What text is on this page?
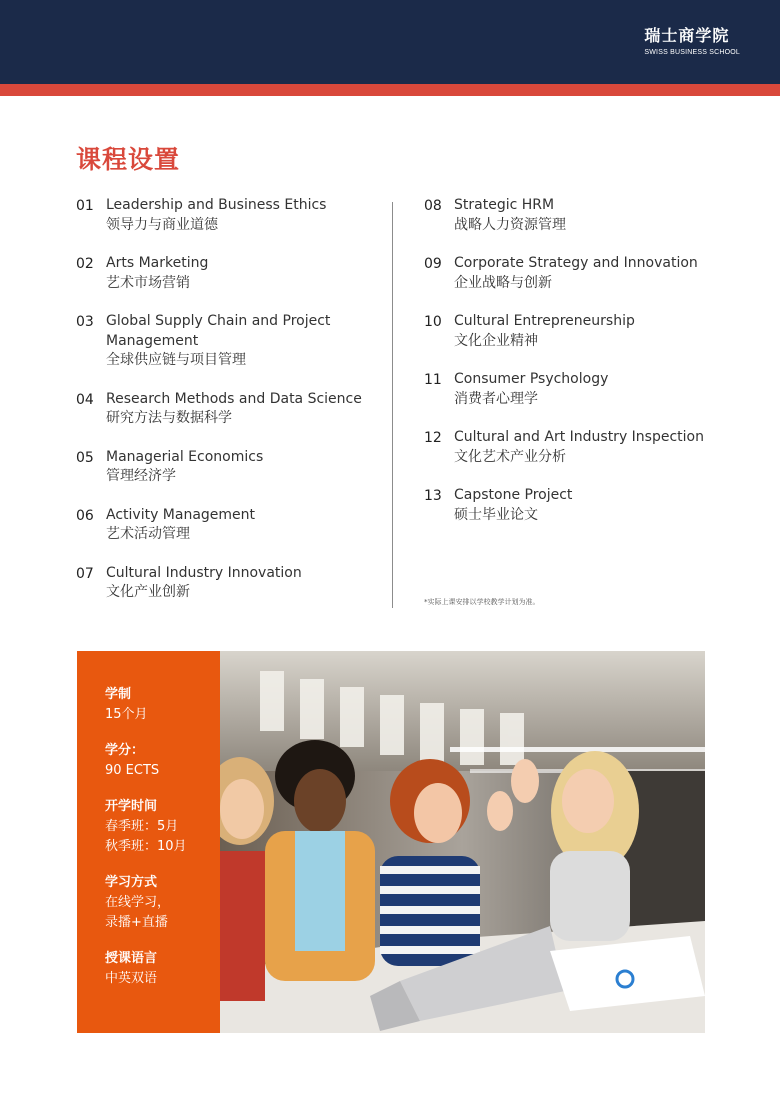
瑞士商学院
SWISS BUSINESS SCHOOL
课程设置
01 Leadership and Business Ethics
领导力与商业道德
02 Arts Marketing
艺术市场营销
03 Global Supply Chain and Project Management
全球供应链与项目管理
04 Research Methods and Data Science
研究方法与数据科学
05 Managerial Economics
管理经济学
06 Activity Management
艺术活动管理
07 Cultural Industry Innovation
文化产业创新
08 Strategic HRM
战略人力资源管理
09 Corporate Strategy and Innovation
企业战略与创新
10 Cultural Entrepreneurship
文化企业精神
11 Consumer Psychology
消费者心理学
12 Cultural and Art Industry Inspection
文化艺术产业分析
13 Capstone Project
硕士毕业论文
*实际上课安排以学校教学计划为准。
学制
15个月
学分：
90 ECTS
开学时间
春季班：5月
秋季班：10月
学习方式
在线学习，
录播+直播
授课语言
中英双语
